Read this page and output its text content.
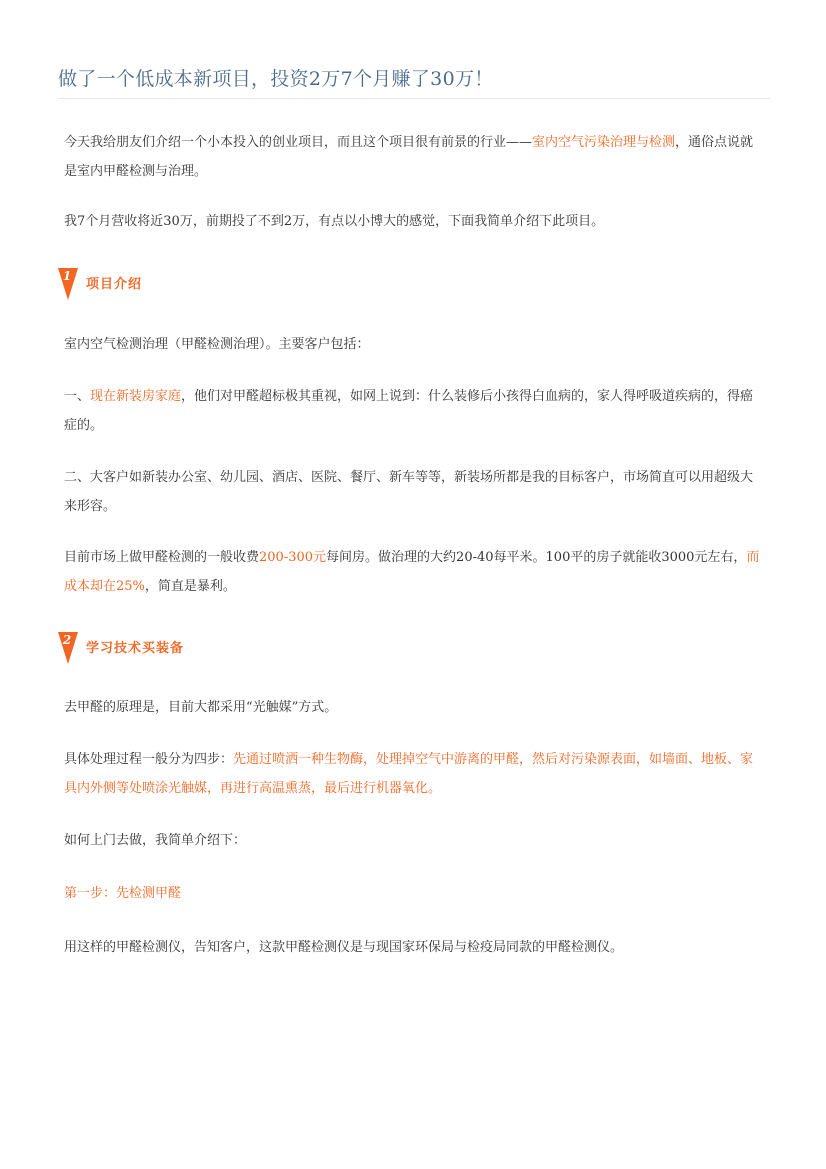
做了一个低成本新项目，投资2万7个月赚了30万！

今天我给朋友们介绍一个小本投入的创业项目，而且这个项目很有前景的行业——室内空气污染治理与检测，通俗点说就是室内甲醛检测与治理。

我7个月营收将近30万，前期投了不到2万，有点以小博大的感觉，下面我简单介绍下此项目。

1
项目介绍

室内空气检测治理（甲醛检测治理）。主要客户包括：

一、现在新装房家庭，他们对甲醛超标极其重视，如网上说到：什么装修后小孩得白血病的，家人得呼吸道疾病的，得癌症的。

二、大客户如新装办公室、幼儿园、酒店、医院、餐厅、新车等等，新装场所都是我的目标客户，市场简直可以用超级大来形容。

目前市场上做甲醛检测的一般收费200-300元每间房。做治理的大约20-40每平米。100平的房子就能收3000元左右，而成本却在25%，简直是暴利。

2
学习技术买装备

去甲醛的原理是，目前大都采用“光触媒”方式。

具体处理过程一般分为四步：先通过喷洒一种生物酶，处理掉空气中游离的甲醛，然后对污染源表面，如墙面、地板、家具内外侧等处喷涂光触媒，再进行高温熏蒸，最后进行机器氧化。

如何上门去做，我简单介绍下：

第一步：先检测甲醛

用这样的甲醛检测仪，告知客户，这款甲醛检测仪是与现国家环保局与检疫局同款的甲醛检测仪。
